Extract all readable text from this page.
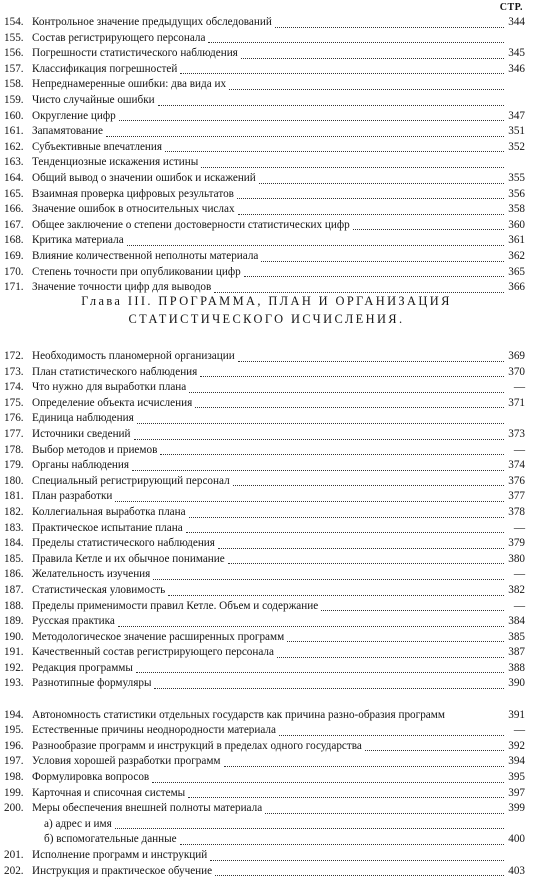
СТР.
154. Контрольное значение предыдущих обследований	344
155. Состав регистрирующего персонала
156. Погрешности статистического наблюдения	345
157. Классификация погрешностей	346
158. Непреднамеренные ошибки: два вида их
159. Чисто случайные ошибки
160. Округление цифр	347
161. Запамятование	351
162. Субъективные впечатления	352
163. Тенденциозные искажения истины
164. Общий вывод о значении ошибок и искажений	355
165. Взаимная проверка цифровых результатов	356
166. Значение ошибок в относительных числах	358
167. Общее заключение о степени достоверности статистических цифр	360
168. Критика материала	361
169. Влияние количественной неполноты материала	362
170. Степень точности при опубликовании цифр	365
171. Значение точности цифр для выводов	366
Глава III. ПРОГРАММА, ПЛАН И ОРГАНИЗАЦИЯ
СТАТИСТИЧЕСКОГО ИСЧИСЛЕНИЯ.
172. Необходимость планомерной организации	369
173. План статистического наблюдения	370
174. Что нужно для выработки плана	—
175. Определение объекта исчисления	371
176. Единица наблюдения
177. Источники сведений	373
178. Выбор методов и приемов	—
179. Органы наблюдения	374
180. Специальный регистрирующий персонал	376
181. План разработки	377
182. Коллегиальная выработка плана	378
183. Практическое испытание плана	—
184. Пределы статистического наблюдения	379
185. Правила Кетле и их обычное понимание	380
186. Желательность изучения	—
187. Статистическая уловимость	382
188. Пределы применимости правил Кетле. Объем и содержание	—
189. Русская практика	384
190. Методологическое значение расширенных программ	385
191. Качественный состав регистрирующего персонала	387
192. Редакция программы	388
193. Разнотипные формуляры	390
194. Автономность статистики отдельных государств как причина разно-образия программ	391
195. Естественные причины неоднородности материала	—
196. Разнообразие программ и инструкций в пределах одного государства	392
197. Условия хорошей разработки программ	394
198. Формулировка вопросов	395
199. Карточная и списочная системы	397
200. Меры обеспечения внешней полноты материала	399
а) адрес и имя
б) вспомогательные данные	400
201. Исполнение программ и инструкций
202. Инструкция и практическое обучение	403
